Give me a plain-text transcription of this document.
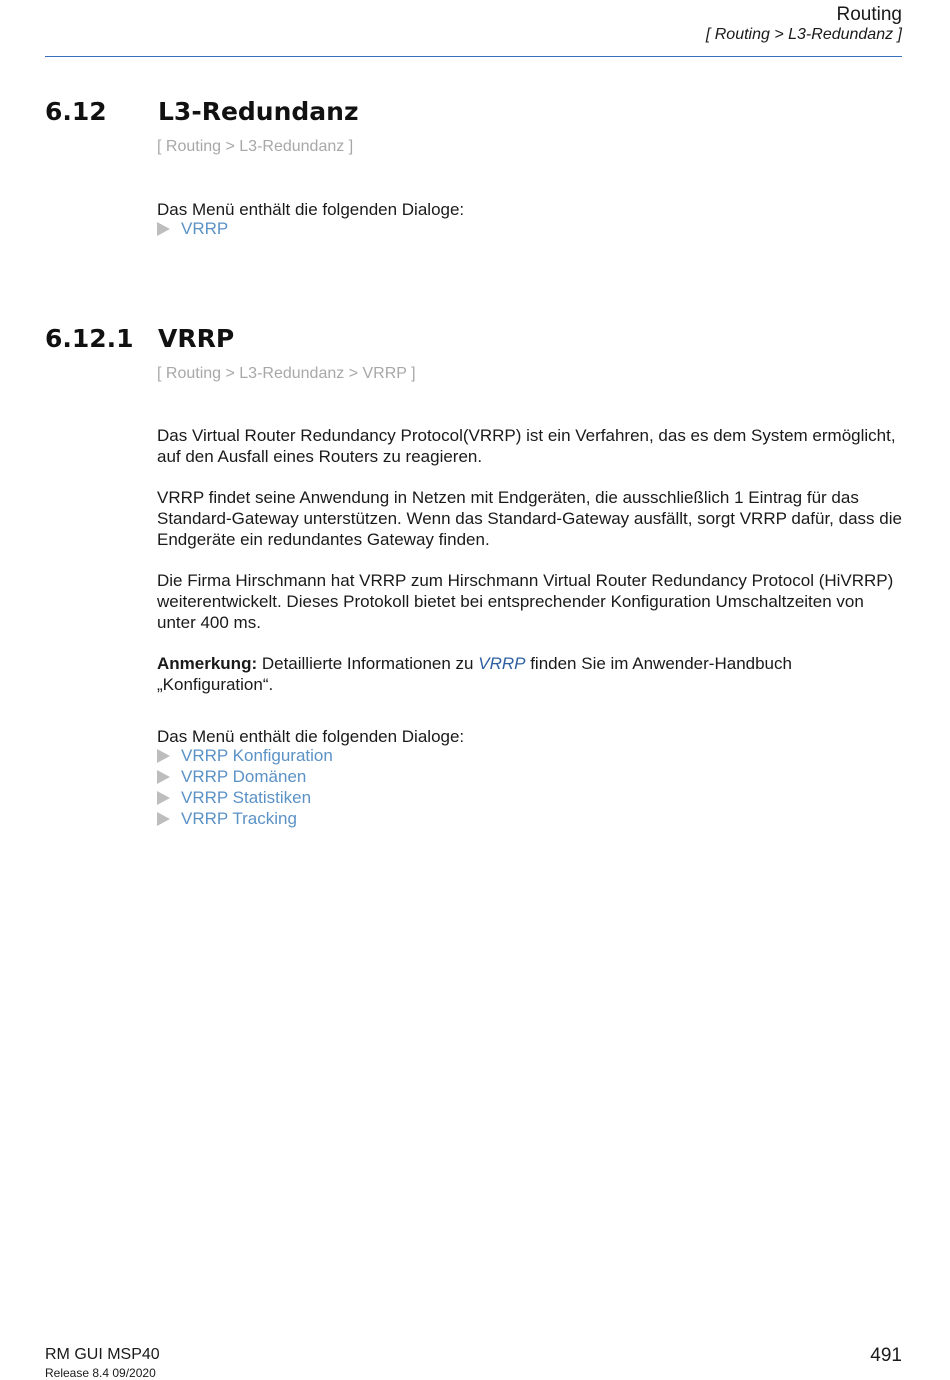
Routing
[ Routing > L3-Redundanz ]
6.12 L3-Redundanz
[ Routing > L3-Redundanz ]
Das Menü enthält die folgenden Dialoge:
VRRP
6.12.1 VRRP
[ Routing > L3-Redundanz > VRRP ]

Das Virtual Router Redundancy Protocol(VRRP) ist ein Verfahren, das es dem System ermöglicht, auf den Ausfall eines Routers zu reagieren.

VRRP findet seine Anwendung in Netzen mit Endgeräten, die ausschließlich 1 Eintrag für das Standard-Gateway unterstützen. Wenn das Standard-Gateway ausfällt, sorgt VRRP dafür, dass die Endgeräte ein redundantes Gateway finden.

Die Firma Hirschmann hat VRRP zum Hirschmann Virtual Router Redundancy Protocol (HiVRRP) weiterentwickelt. Dieses Protokoll bietet bei entsprechender Konfiguration Umschaltzeiten von unter 400 ms.

Anmerkung: Detaillierte Informationen zu VRRP finden Sie im Anwender-Handbuch „Konfiguration“.

Das Menü enthält die folgenden Dialoge:
VRRP Konfiguration
VRRP Domänen
VRRP Statistiken
VRRP Tracking
RM GUI MSP40
Release 8.4 09/2020
491
